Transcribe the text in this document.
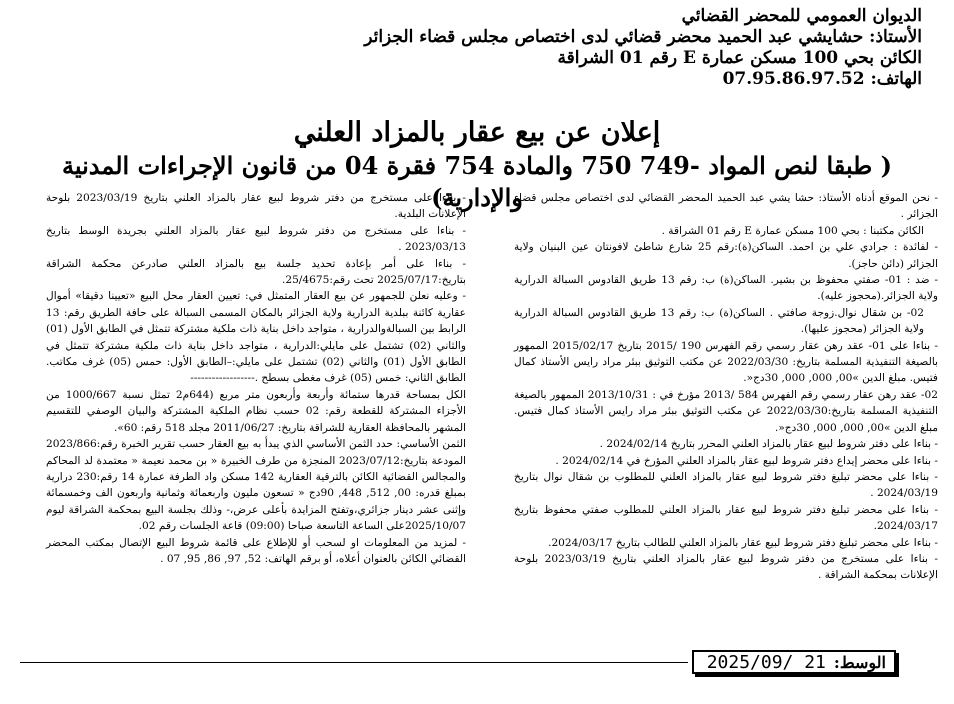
الديوان العمومي للمحضر القضائي
الأستاذ: حشايشي عبد الحميد محضر قضائي لدى اختصاص مجلس قضاء الجزائر
الكائن بحي 100 مسكن عمارة E رقم 01 الشراقة
الهاتف: 07.95.86.97.52
إعلان عن بيع عقار بالمزاد العلني
( طبقا لنص المواد -749 750 والمادة 754 فقرة 04 من قانون الإجراءات المدنية والإدارية)

- نحن الموقع أدناه الأستاذ: حشا يشي عبد الحميد المحضر القضائي لدى اختصاص مجلس قضاء الجزائر .

الكائن مكتبنا : بحي 100 مسكن عمارة E رقم 01 الشراقة .

- لفائدة : جرادي علي بن احمد. الساكن(ة):رقم 25 شارع شاطئ لافونتان عين البنيان ولاية الجزائر (دائن حاجز).

- ضد : 01- صفتي محفوظ بن بشير. الساكن(ة) ب: رقم 13 طريق القادوس السبالة الدرارية ولاية الجزائر.(محجوز عليه).

02- بن شقال نوال.زوجة صافتي . الساكن(ة) ب: رقم 13 طريق القادوس السبالة الدرارية ولاية الجزائر (محجوز عليها).

- بناءا على 01- عقد رهن عقار رسمي رقم الفهرس 190 /2015 بتاريخ 2015/02/17 الممهور بالصيغة التنفيذية المسلمة بتاريخ: 2022/03/30 عن مكتب التوثيق ببئر مراد رايس الأستاذ كمال فتيس. مبلغ الدين »00, 000, 000, 30دج«.

02- عقد رهن عقار رسمي رقم الفهرس 584 /2013 مؤرخ في : 2013/10/31 الممهور بالصيغة التنفيذية المسلمة بتاريخ:2022/03/30 عن مكتب التوثيق ببئر مراد رايس الأستاذ كمال فتيس. مبلغ الدين »00, 000, 000, 30دج«.

- بناءا على دفتر شروط لبيع عقار بالمزاد العلني المحرر بتاريخ 2024/02/14 .

- بناءا على محضر إيداع دفتر شروط لبيع عقار بالمزاد العلني المؤرخ في 2024/02/14 .

- بناءا على محضر تبليغ دفتر شروط لبيع عقار بالمزاد العلني للمطلوب بن شقال نوال بتاريخ 2024/03/19 .

- بناءا على محضر تبليغ دفتر شروط لبيع عقار بالمزاد العلني للمطلوب صفتي محفوظ بتاريخ 2024/03/17.

- بناءا على محضر تبليغ دفتر شروط لبيع عقار بالمزاد العلني للطالب بتاريخ 2024/03/17.

- بناءا على مستخرج من دفتر شروط لبيع عقار بالمزاد العلني بتاريخ 2023/03/19 بلوحة الإعلانات بمحكمة الشراقة .

- بناءا على مستخرج من دفتر شروط لبيع عقار بالمزاد العلني بتاريخ 2023/03/19 بلوحة الإعلانات البلدية.

- بناءا على مستخرج من دفتر شروط لبيع عقار بالمزاد العلني بجريدة الوسط بتاريخ 2023/03/13 .

- بناءا على أمر بإعادة تحديد جلسة بيع بالمزاد العلني صادرعن محكمة الشراقة بتاريخ:2025/07/17 تحت رقم:25/4675.

- وعليه نعلن للجمهور عن بيع العقار المتمثل في: تعيين العقار محل البيع «تعيينا دقيقا» أموال عقارية كائنة ببلدية الدرارية ولاية الجزائر بالمكان المسمى السبالة على حافة الطريق رقم: 13 الرابط بين السبالةوالدرارية ، متواجد داخل بناية ذات ملكية مشتركة تتمثل في الطابق الأول (01) والثاني (02) تشتمل على مايلي:الدرارية ، متواجد داخل بناية ذات ملكية مشتركة تتمثل في الطابق الأول (01) والثاني (02) تشتمل على مايلي:–الطابق الأول: حمس (05) غرف مكاتب. الطابق الثاني: خمس (05) غرف مغطى بسطح .------------------

الكل بمساحة قدرها ستمائة وأربعة وأربعون متر مربع (644م2 تمثل نسبة 1000/667 من الأجزاء المشتركة للقطعة رقم: 02 حسب نظام الملكية المشتركة والبيان الوصفي للتقسيم المشهر بالمحافظة العقارية للشراقة بتاريخ: 2011/06/27 مجلد 518 رقم: 60».

الثمن الأساسي: حدد الثمن الأساسي الذي يبدأ به بيع العقار حسب تقرير الخبرة رقم:2023/866 المودعة بتاريخ:2023/07/12 المنجزة من طرف الخبيرة « بن محمد نعيمة « معتمدة لد المحاكم والمجالس القضائية الكائن بالترقية العقارية 142 مسكن واد الطرفة عمارة 14 رقم:230 درارية بمبلغ قدره: 00, 512, 448, 90دج « تسعون مليون واربعمائة وثمانية واربعون الف وخمسمائة وإثنى عشر دينار جزائري،وتفتح المزايدة بأعلى عرض،- وذلك بجلسة البيع بمحكمة الشراقة ليوم 2025/10/07على الساعة التاسعة صباحا (09:00) قاعة الجلسات رقم 02.

- لمزيد من المعلومات او لسحب أو للإطلاع على قائمة شروط البيع الإتصال بمكتب المحضر القضائي الكائن بالعنوان أعلاه، أو برقم الهاتف: 52, 97, 86, 95, 07 .

الوسط:
2025/09/ 21
